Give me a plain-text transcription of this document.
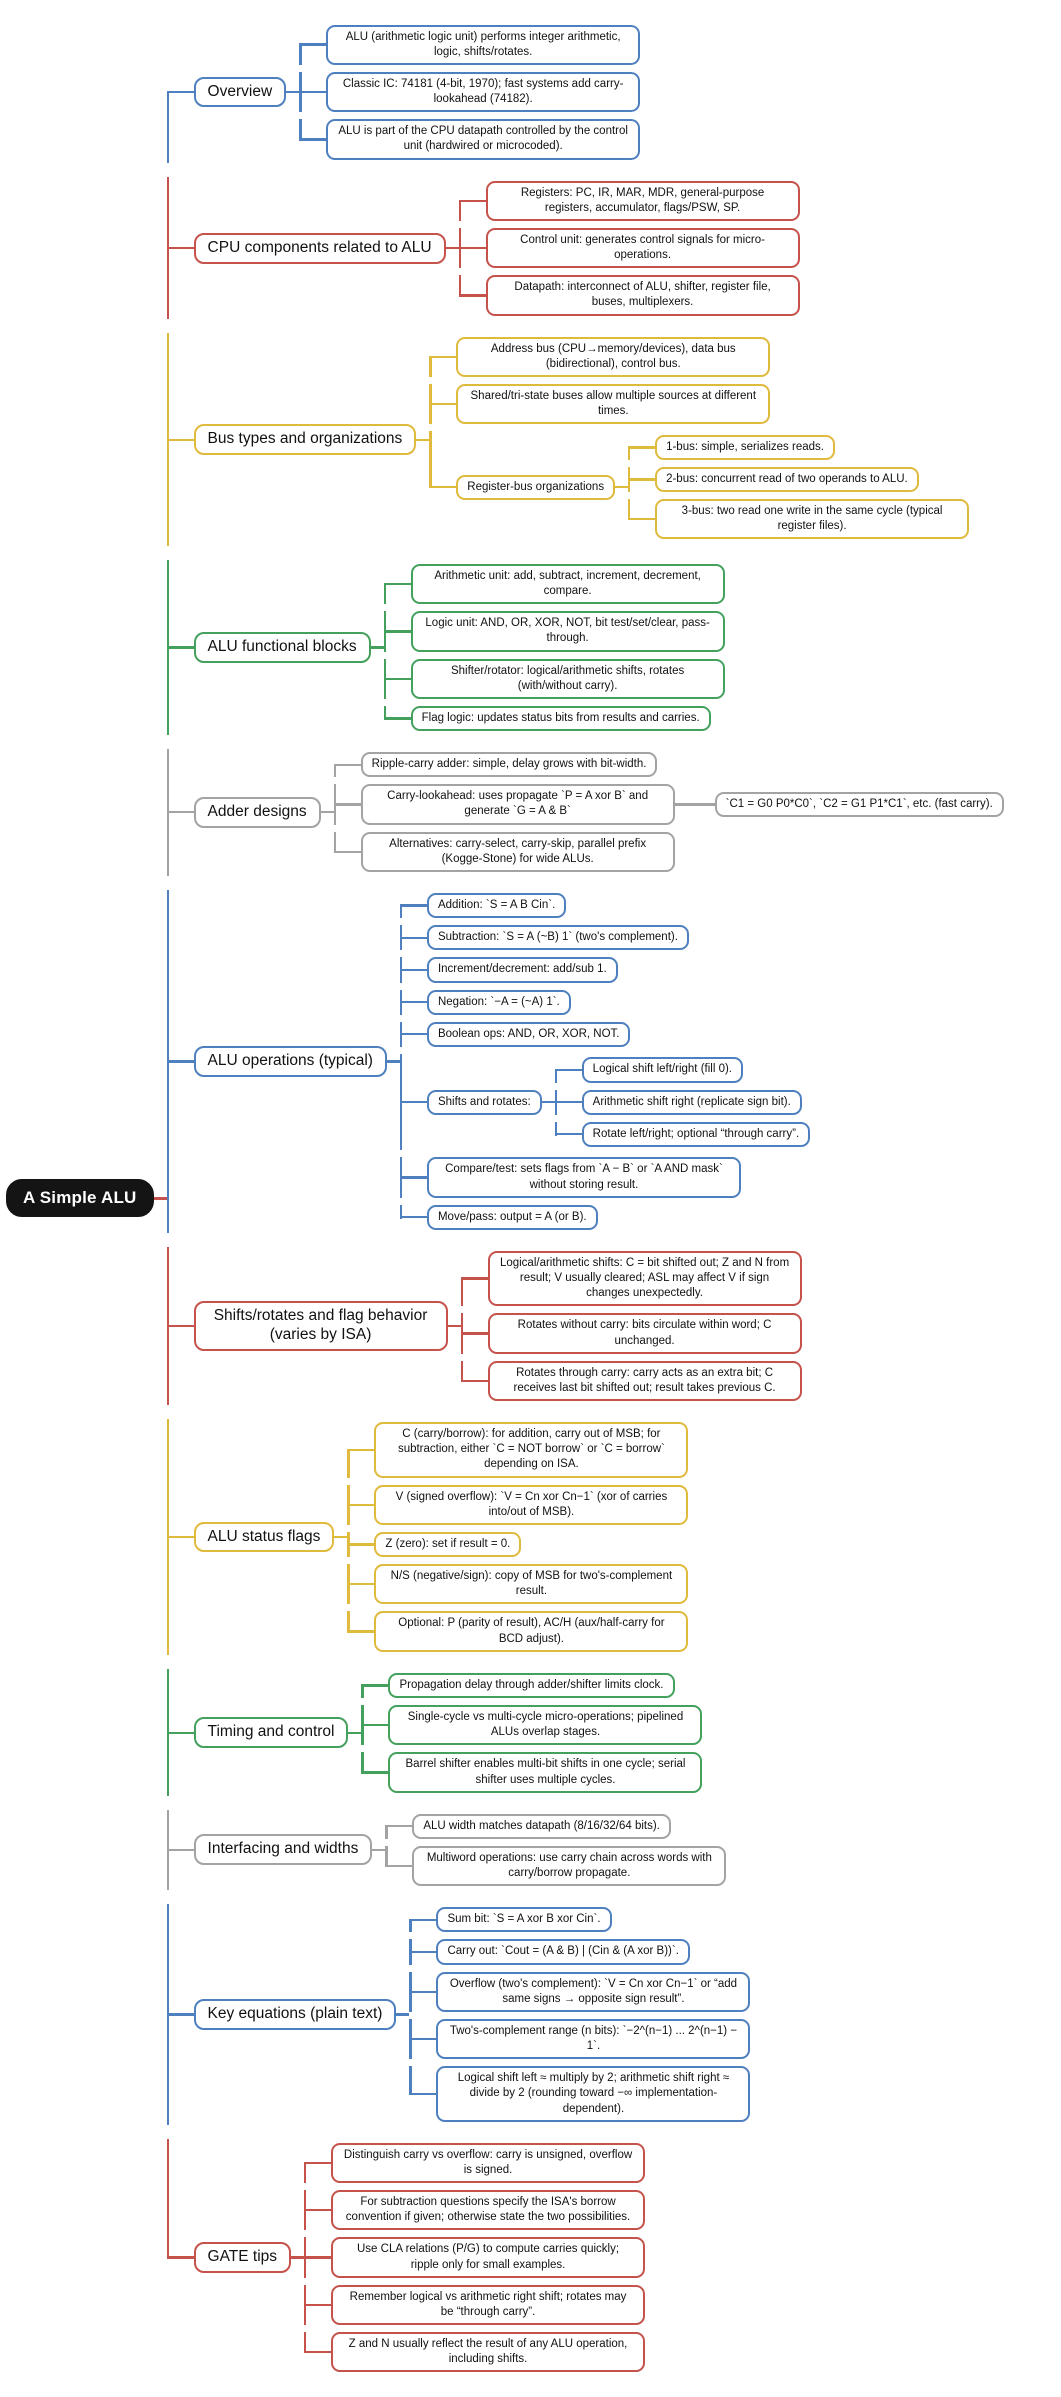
A Simple ALU
Overview
ALU (arithmetic logic unit) performs integer arithmetic, logic, shifts/rotates.
Classic IC: 74181 (4-bit, 1970); fast systems add carry-lookahead (74182).
ALU is part of the CPU datapath controlled by the control unit (hardwired or microcoded).
CPU components related to ALU
Registers: PC, IR, MAR, MDR, general-purpose registers, accumulator, flags/PSW, SP.
Control unit: generates control signals for micro-operations.
Datapath: interconnect of ALU, shifter, register file, buses, multiplexers.
Bus types and organizations
Address bus (CPU→memory/devices), data bus (bidirectional), control bus.
Shared/tri-state buses allow multiple sources at different times.
Register-bus organizations
1-bus: simple, serializes reads.
2-bus: concurrent read of two operands to ALU.
3-bus: two read one write in the same cycle (typical register files).
ALU functional blocks
Arithmetic unit: add, subtract, increment, decrement, compare.
Logic unit: AND, OR, XOR, NOT, bit test/set/clear, pass-through.
Shifter/rotator: logical/arithmetic shifts, rotates (with/without carry).
Flag logic: updates status bits from results and carries.
Adder designs
Ripple-carry adder: simple, delay grows with bit-width.
Carry-lookahead: uses propagate `P = A xor B` and generate `G = A & B`
`C1 = G0 P0*C0`, `C2 = G1 P1*C1`, etc. (fast carry).
Alternatives: carry-select, carry-skip, parallel prefix (Kogge-Stone) for wide ALUs.
ALU operations (typical)
Addition: `S = A B Cin`.
Subtraction: `S = A (~B) 1` (two's complement).
Increment/decrement: add/sub 1.
Negation: `−A = (~A) 1`.
Boolean ops: AND, OR, XOR, NOT.
Shifts and rotates:
Logical shift left/right (fill 0).
Arithmetic shift right (replicate sign bit).
Rotate left/right; optional “through carry”.
Compare/test: sets flags from `A − B` or `A AND mask` without storing result.
Move/pass: output = A (or B).
Shifts/rotates and flag behavior (varies by ISA)
Logical/arithmetic shifts: C = bit shifted out; Z and N from result; V usually cleared; ASL may affect V if sign changes unexpectedly.
Rotates without carry: bits circulate within word; C unchanged.
Rotates through carry: carry acts as an extra bit; C receives last bit shifted out; result takes previous C.
ALU status flags
C (carry/borrow): for addition, carry out of MSB; for subtraction, either `C = NOT borrow` or `C = borrow` depending on ISA.
V (signed overflow): `V = Cn xor Cn−1` (xor of carries into/out of MSB).
Z (zero): set if result = 0.
N/S (negative/sign): copy of MSB for two's-complement result.
Optional: P (parity of result), AC/H (aux/half-carry for BCD adjust).
Timing and control
Propagation delay through adder/shifter limits clock.
Single-cycle vs multi-cycle micro-operations; pipelined ALUs overlap stages.
Barrel shifter enables multi-bit shifts in one cycle; serial shifter uses multiple cycles.
Interfacing and widths
ALU width matches datapath (8/16/32/64 bits).
Multiword operations: use carry chain across words with carry/borrow propagate.
Key equations (plain text)
Sum bit: `S = A xor B xor Cin`.
Carry out: `Cout = (A & B) | (Cin & (A xor B))`.
Overflow (two's complement): `V = Cn xor Cn−1` or “add same signs → opposite sign result”.
Two's-complement range (n bits): `−2^(n−1) ... 2^(n−1) − 1`.
Logical shift left ≈ multiply by 2; arithmetic shift right ≈ divide by 2 (rounding toward −∞ implementation-dependent).
GATE tips
Distinguish carry vs overflow: carry is unsigned, overflow is signed.
For subtraction questions specify the ISA's borrow convention if given; otherwise state the two possibilities.
Use CLA relations (P/G) to compute carries quickly; ripple only for small examples.
Remember logical vs arithmetic right shift; rotates may be “through carry”.
Z and N usually reflect the result of any ALU operation, including shifts.
